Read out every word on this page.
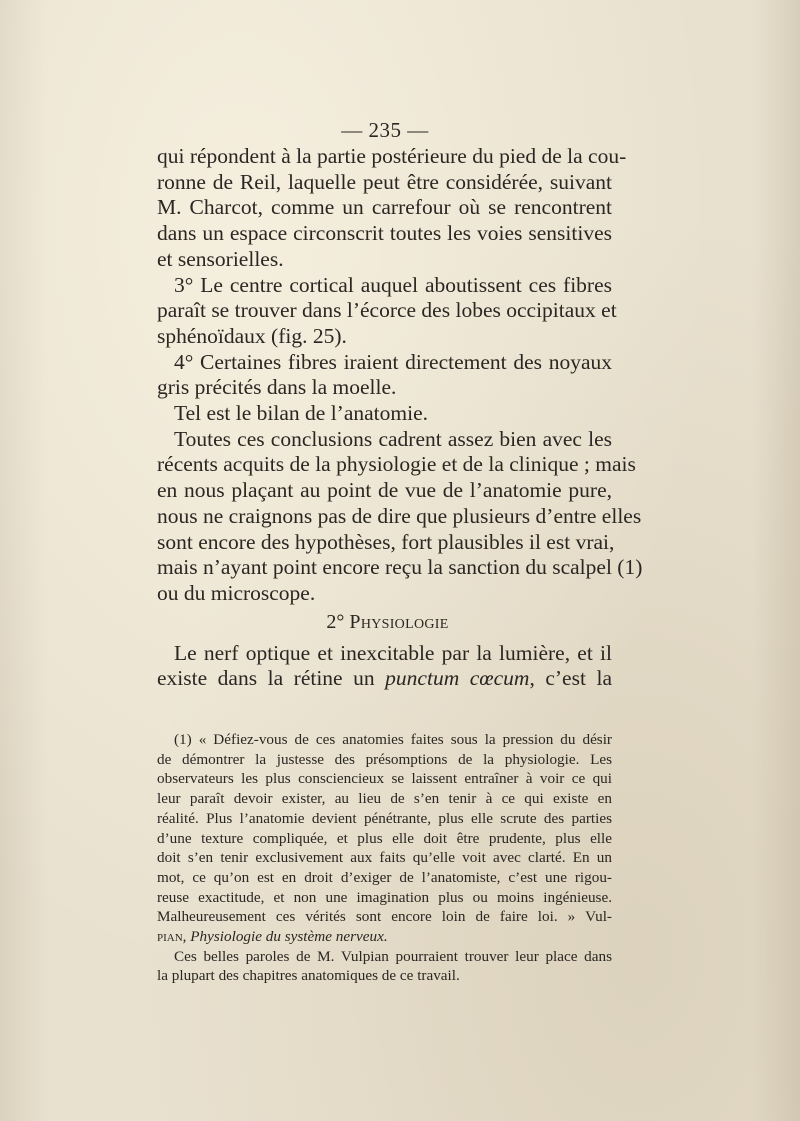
— 235 —
qui répondent à la partie postérieure du pied de la cou-
ronne de Reil, laquelle peut être considérée, suivant
M. Charcot, comme un carrefour où se rencontrent
dans un espace circonscrit toutes les voies sensitives
et sensorielles.
3° Le centre cortical auquel aboutissent ces fibres
paraît se trouver dans l’écorce des lobes occipitaux et
sphénoïdaux (fig. 25).
4° Certaines fibres iraient directement des noyaux
gris précités dans la moelle.
Tel est le bilan de l’anatomie.
Toutes ces conclusions cadrent assez bien avec les
récents acquits de la physiologie et de la clinique ; mais
en nous plaçant au point de vue de l’anatomie pure,
nous ne craignons pas de dire que plusieurs d’entre elles
sont encore des hypothèses, fort plausibles il est vrai,
mais n’ayant point encore reçu la sanction du scalpel (1)
ou du microscope.
2° Physiologie
Le nerf optique et inexcitable par la lumière, et il
existe dans la rétine un punctum cœcum, c’est la
(1) « Défiez-vous de ces anatomies faites sous la pression du désir
de démontrer la justesse des présomptions de la physiologie. Les
observateurs les plus consciencieux se laissent entraîner à voir ce qui
leur paraît devoir exister, au lieu de s’en tenir à ce qui existe en
réalité. Plus l’anatomie devient pénétrante, plus elle scrute des parties
d’une texture compliquée, et plus elle doit être prudente, plus elle
doit s’en tenir exclusivement aux faits qu’elle voit avec clarté. En un
mot, ce qu’on est en droit d’exiger de l’anatomiste, c’est une rigou-
reuse exactitude, et non une imagination plus ou moins ingénieuse.
Malheureusement ces vérités sont encore loin de faire loi. » Vul-
pian, Physiologie du système nerveux.
Ces belles paroles de M. Vulpian pourraient trouver leur place dans
la plupart des chapitres anatomiques de ce travail.
